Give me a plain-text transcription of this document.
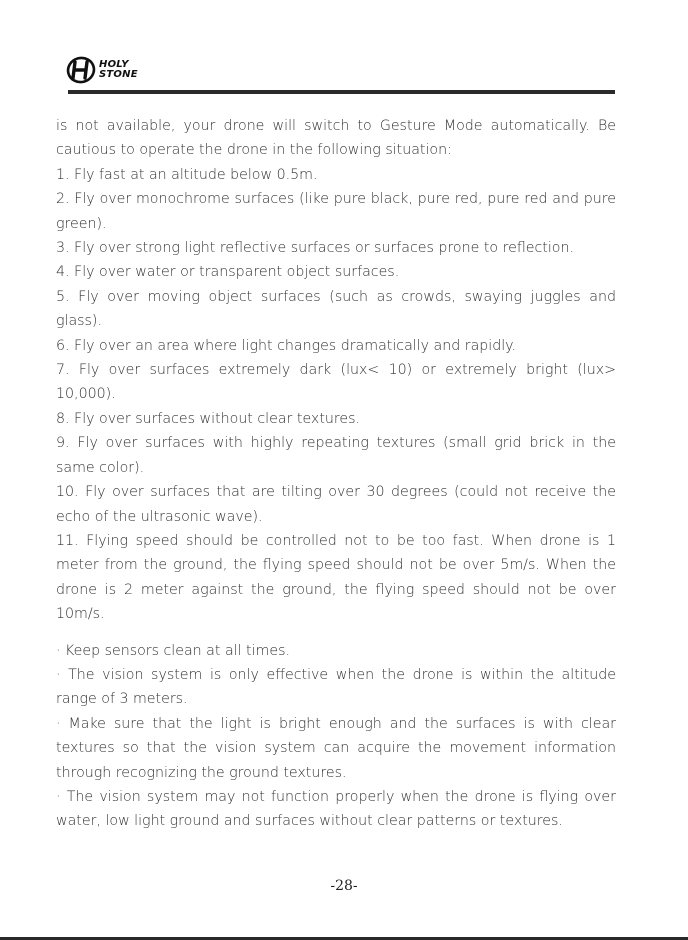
HOLY
STONE

is not available, your drone will switch to Gesture Mode automatically. Be cautious to operate the drone in the following situation:

1. Fly fast at an altitude below 0.5m.

2. Fly over monochrome surfaces (like pure black, pure red, pure red and pure green).

3. Fly over strong light reflective surfaces or surfaces prone to reflection.

4. Fly over water or transparent object surfaces.

5. Fly over moving object surfaces (such as crowds, swaying juggles and glass).

6. Fly over an area where light changes dramatically and rapidly.

7. Fly over surfaces extremely dark (lux< 10) or extremely bright (lux> 10,000).

8. Fly over surfaces without clear textures.

9. Fly over surfaces with highly repeating textures (small grid brick in the same color).

10. Fly over surfaces that are tilting over 30 degrees (could not receive the echo of the ultrasonic wave).

11. Flying speed should be controlled not to be too fast. When drone is 1 meter from the ground, the flying speed should not be over 5m/s. When the drone is 2 meter against the ground, the flying speed should not be over 10m/s.

· Keep sensors clean at all times.

· The vision system is only effective when the drone is within the altitude range of 3 meters.

· Make sure that the light is bright enough and the surfaces is with clear textures so that the vision system can acquire the movement information through recognizing the ground textures.

· The vision system may not function properly when the drone is flying over water, low light ground and surfaces without clear patterns or textures.

-28-
